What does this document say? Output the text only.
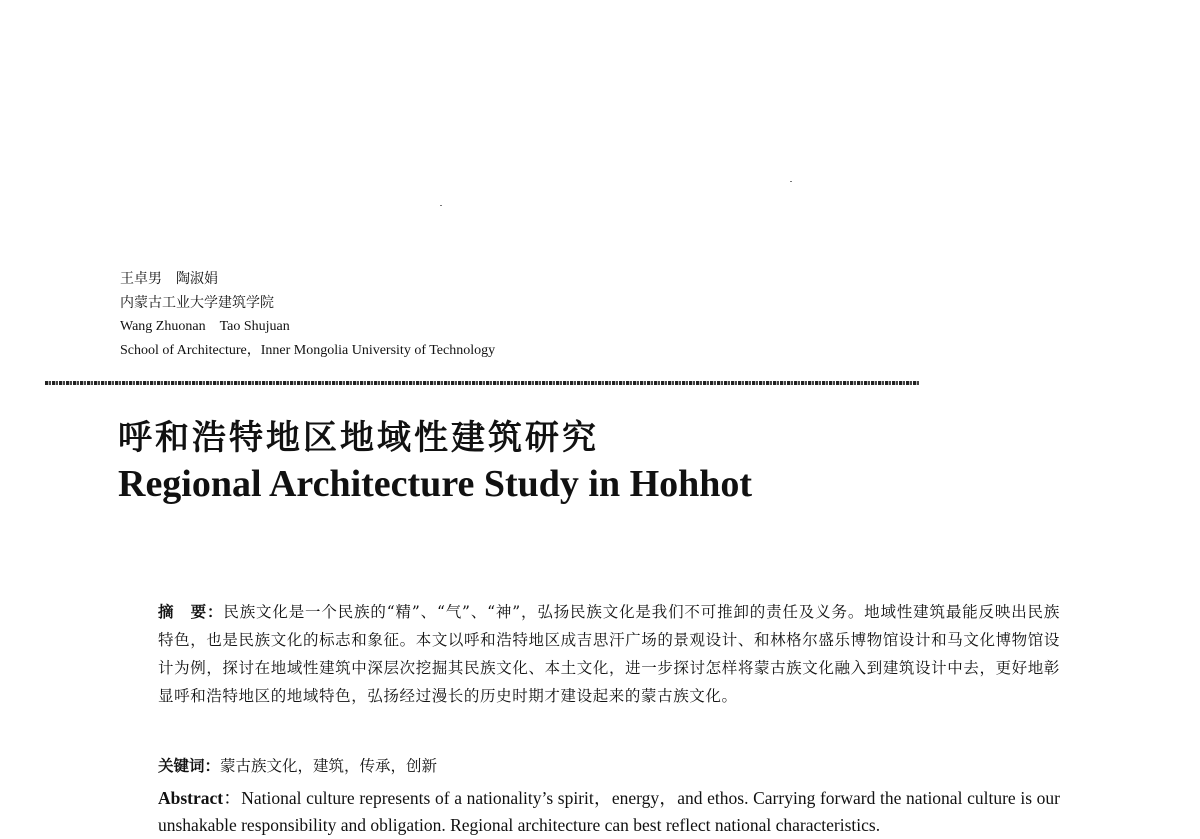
王卓男　陶淑娟
内蒙古工业大学建筑学院
Wang Zhuonan　Tao Shujuan
School of Architecture，Inner Mongolia University of Technology
呼和浩特地区地域性建筑研究
Regional Architecture Study in Hohhot
摘　要：民族文化是一个民族的“精”、“气”、“神”，弘扬民族文化是我们不可推卸的责任及义务。地域性建筑最能反映出民族特色，也是民族文化的标志和象征。本文以呼和浩特地区成吉思汗广场的景观设计、和林格尔盛乐博物馆设计和马文化博物馆设计为例，探讨在地域性建筑中深层次挖掘其民族文化、本土文化，进一步探讨怎样将蒙古族文化融入到建筑设计中去，更好地彰显呼和浩特地区的地域特色，弘扬经过漫长的历史时期才建设起来的蒙古族文化。
关键词：蒙古族文化，建筑，传承，创新
Abstract：National culture represents of a nationality’s spirit，energy，and ethos. Carrying forward the national culture is our unshakable responsibility and obligation. Regional architecture can best reflect national characteristics.
